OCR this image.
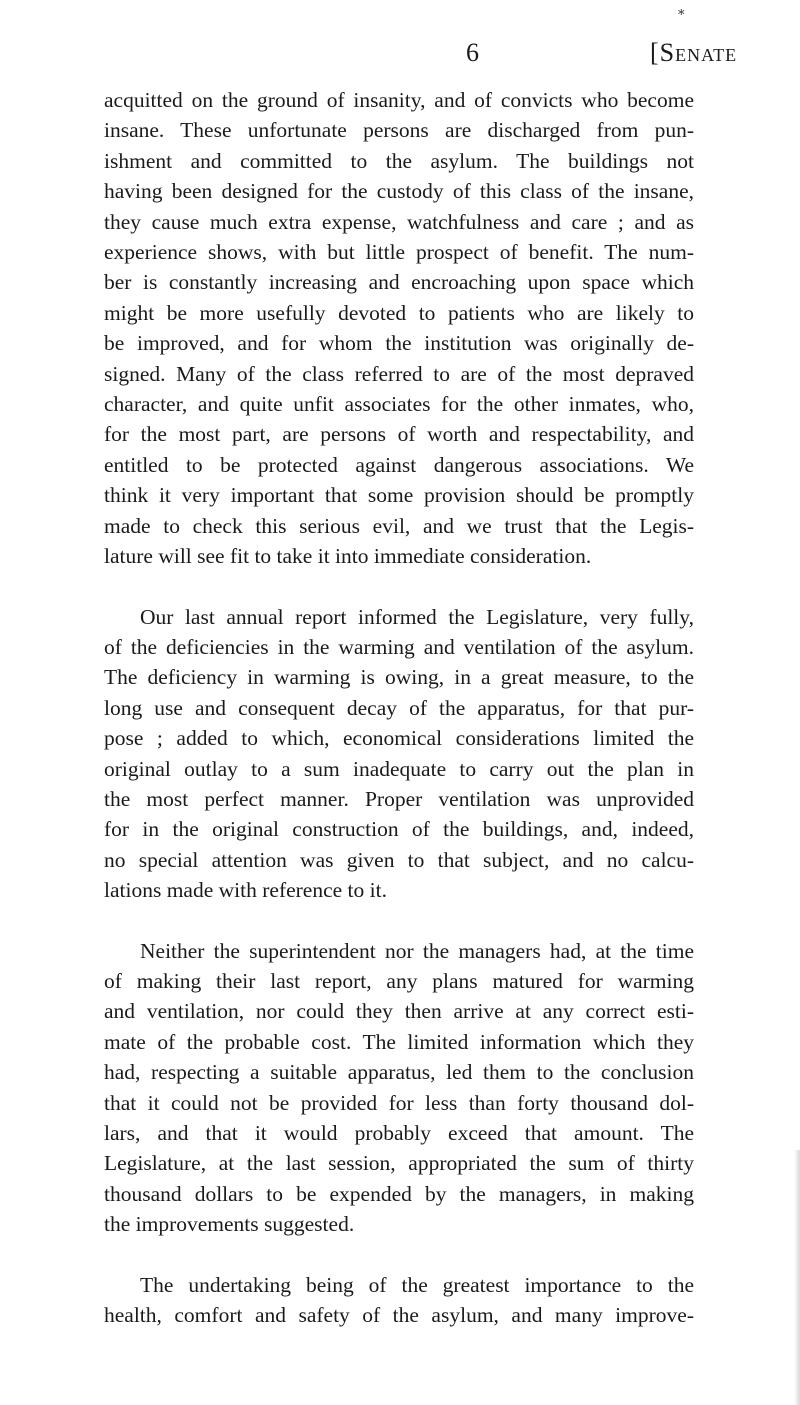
*
6	[Senate
acquitted on the ground of insanity, and of convicts who become
insane. These unfortunate persons are discharged from pun-
ishment and committed to the asylum. The buildings not
having been designed for the custody of this class of the insane,
they cause much extra expense, watchfulness and care ; and as
experience shows, with but little prospect of benefit. The num-
ber is constantly increasing and encroaching upon space which
might be more usefully devoted to patients who are likely to
be improved, and for whom the institution was originally de-
signed. Many of the class referred to are of the most depraved
character, and quite unfit associates for the other inmates, who,
for the most part, are persons of worth and respectability, and
entitled to be protected against dangerous associations. We
think it very important that some provision should be promptly
made to check this serious evil, and we trust that the Legis-
lature will see fit to take it into immediate consideration.
Our last annual report informed the Legislature, very fully,
of the deficiencies in the warming and ventilation of the asylum.
The deficiency in warming is owing, in a great measure, to the
long use and consequent decay of the apparatus, for that pur-
pose ; added to which, economical considerations limited the
original outlay to a sum inadequate to carry out the plan in
the most perfect manner. Proper ventilation was unprovided
for in the original construction of the buildings, and, indeed,
no special attention was given to that subject, and no calcu-
lations made with reference to it.
Neither the superintendent nor the managers had, at the time
of making their last report, any plans matured for warming
and ventilation, nor could they then arrive at any correct esti-
mate of the probable cost. The limited information which they
had, respecting a suitable apparatus, led them to the conclusion
that it could not be provided for less than forty thousand dol-
lars, and that it would probably exceed that amount. The
Legislature, at the last session, appropriated the sum of thirty
thousand dollars to be expended by the managers, in making
the improvements suggested.
The undertaking being of the greatest importance to the
health, comfort and safety of the asylum, and many improve-
